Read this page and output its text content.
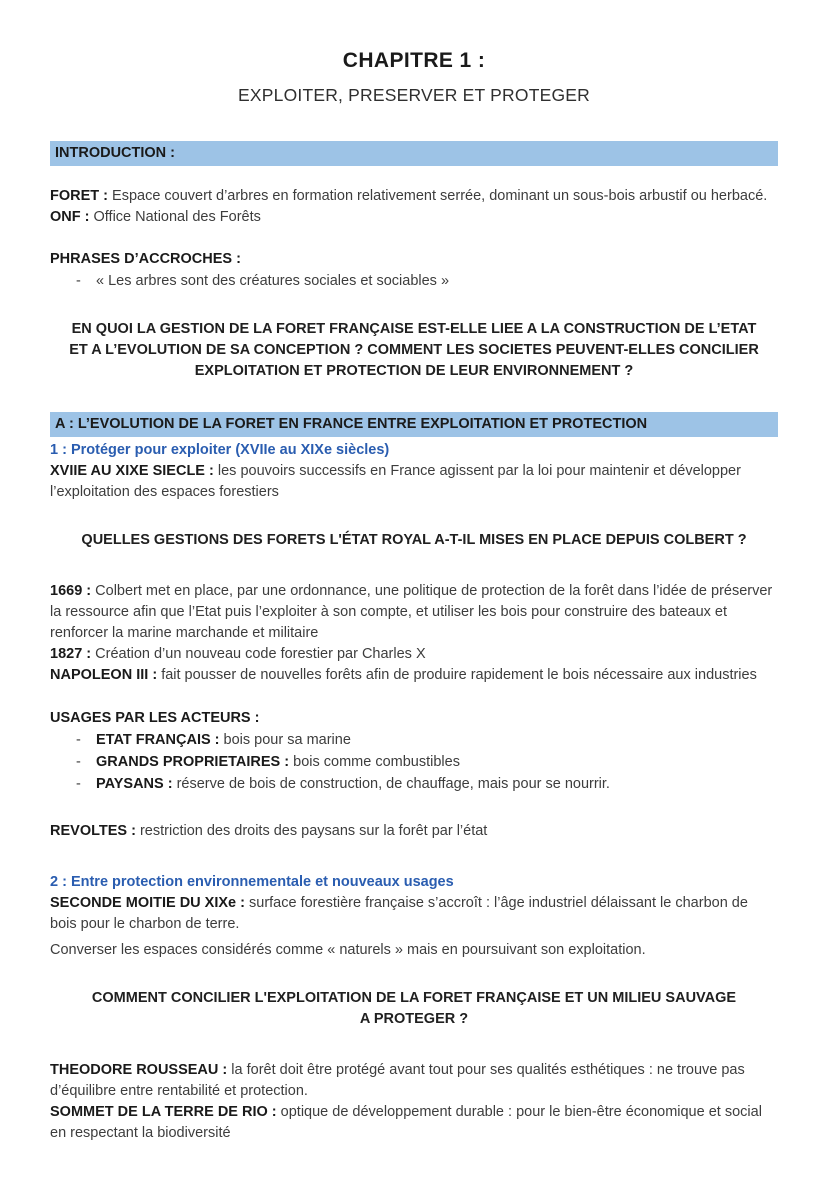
CHAPITRE 1 :
EXPLOITER, PRESERVER ET PROTEGER
INTRODUCTION :

FORET : Espace couvert d’arbres en formation relativement serrée, dominant un sous-bois arbustif ou herbacé.

ONF : Office National des Forêts

PHRASES D’ACCROCHES :

- « Les arbres sont des créatures sociales et sociables »

EN QUOI LA GESTION DE LA FORET FRANÇAISE EST-ELLE LIEE A LA CONSTRUCTION DE L’ETAT ET A L’EVOLUTION DE SA CONCEPTION ? COMMENT LES SOCIETES PEUVENT-ELLES CONCILIER EXPLOITATION ET PROTECTION DE LEUR ENVIRONNEMENT ?

A : L’EVOLUTION DE LA FORET EN FRANCE ENTRE EXPLOITATION ET PROTECTION

1 : Protéger pour exploiter (XVIIe au XIXe siècles)

XVIIE AU XIXE SIECLE : les pouvoirs successifs en France agissent par la loi pour maintenir et développer l’exploitation des espaces forestiers

QUELLES GESTIONS DES FORETS L'ÉTAT ROYAL A-T-IL MISES EN PLACE DEPUIS COLBERT ?

1669 : Colbert met en place, par une ordonnance, une politique de protection de la forêt dans l’idée de préserver la ressource afin que l’Etat puis l’exploiter à son compte, et utiliser les bois pour construire des bateaux et renforcer la marine marchande et militaire

1827 : Création d’un nouveau code forestier par Charles X

NAPOLEON III : fait pousser de nouvelles forêts afin de produire rapidement le bois nécessaire aux industries

USAGES PAR LES ACTEURS :

- ETAT FRANÇAIS : bois pour sa marine
- GRANDS PROPRIETAIRES : bois comme combustibles
- PAYSANS : réserve de bois de construction, de chauffage, mais pour se nourrir.

REVOLTES : restriction des droits des paysans sur la forêt par l’état

2 : Entre protection environnementale et nouveaux usages

SECONDE MOITIE DU XIXe : surface forestière française s’accroît : l’âge industriel délaissant le charbon de bois pour le charbon de terre.

Converser les espaces considérés comme « naturels » mais en poursuivant son exploitation.

COMMENT CONCILIER L'EXPLOITATION DE LA FORET FRANÇAISE ET UN MILIEU SAUVAGE A PROTEGER ?

THEODORE ROUSSEAU : la forêt doit être protégé avant tout pour ses qualités esthétiques : ne trouve pas d’équilibre entre rentabilité et protection.

SOMMET DE LA TERRE DE RIO : optique de développement durable : pour le bien-être économique et social en respectant la biodiversité
